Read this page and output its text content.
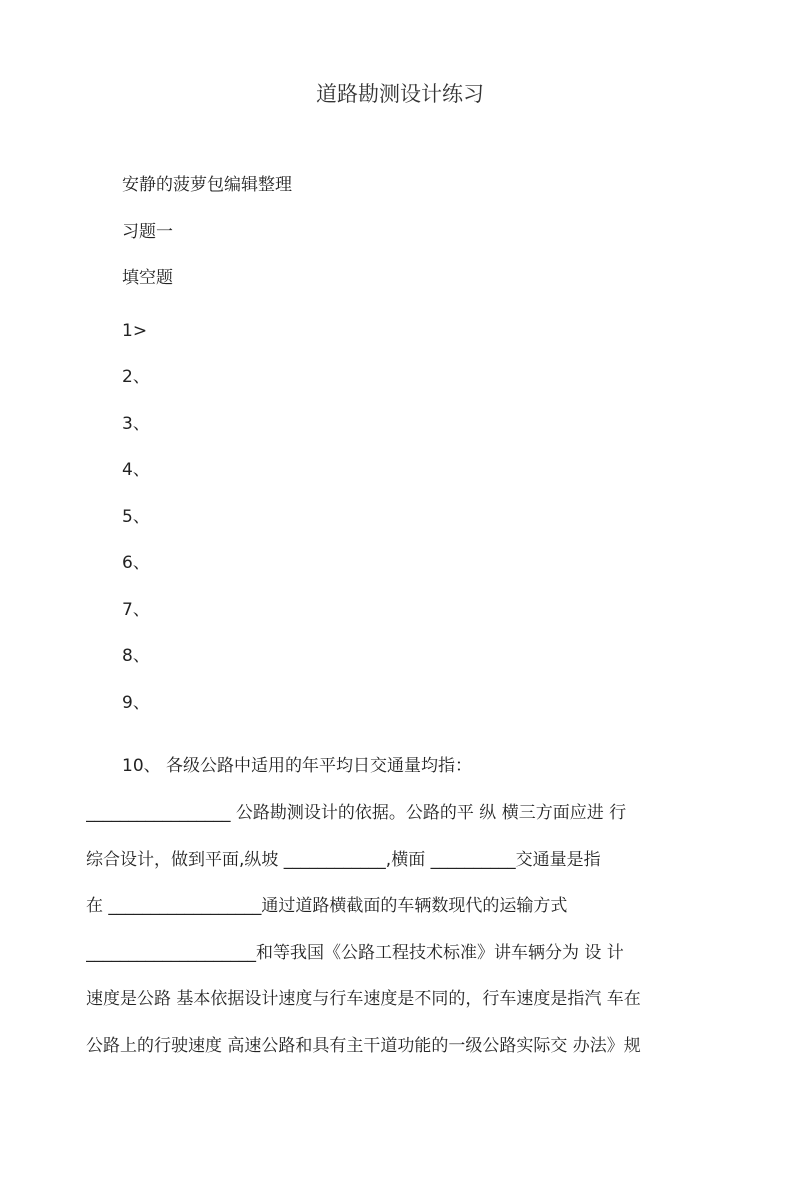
道路勘测设计练习
安静的菠萝包编辑整理
习题一
填空题
1>
2、
3、
4、
5、
6、
7、
8、
9、
10、 各级公路中适用的年平均日交通量均指：
_________________ 公路勘测设计的依据。公路的平 纵 横三方面应进 行
综合设计，做到平面,纵坡 ____________,横面 __________交通量是指
在 __________________通过道路横截面的车辆数现代的运输方式
____________________和等我国《公路工程技术标准》讲车辆分为 设 计
速度是公路 基本依据设计速度与行车速度是不同的，行车速度是指汽 车在
公路上的行驶速度 高速公路和具有主干道功能的一级公路实际交 办法》规
